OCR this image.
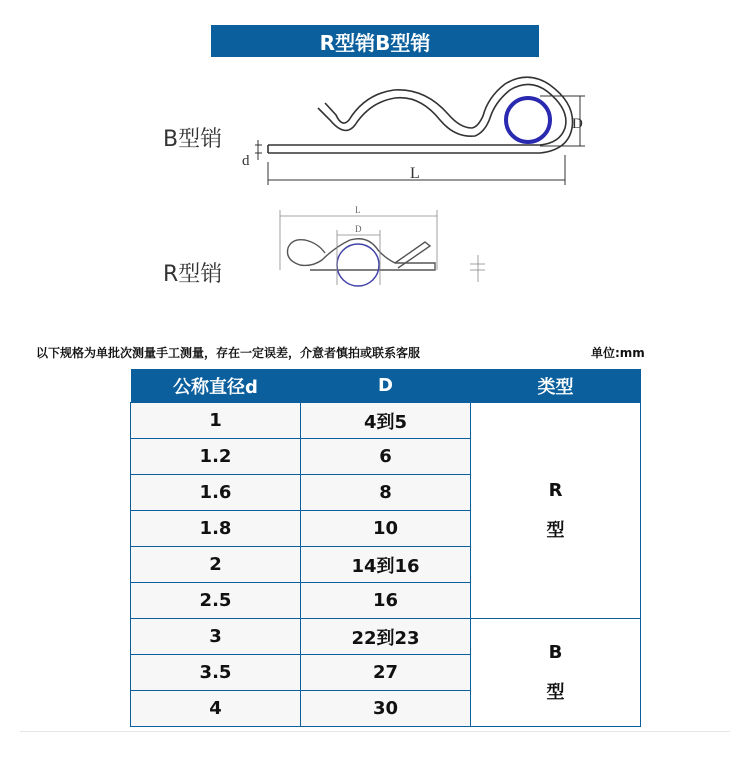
R型销B型销
D
L
d
L
D
B型销
R型销
以下规格为单批次测量手工测量，存在一定误差，介意者慎拍或联系客服	单位:mm
公称直径d	D	类型
1	4到5	R
型

1.2	6	
1.6	8	
1.8	10	
2	14到16	
2.5	16	
3	22到23	B
型

3.5	27	
4	30	
